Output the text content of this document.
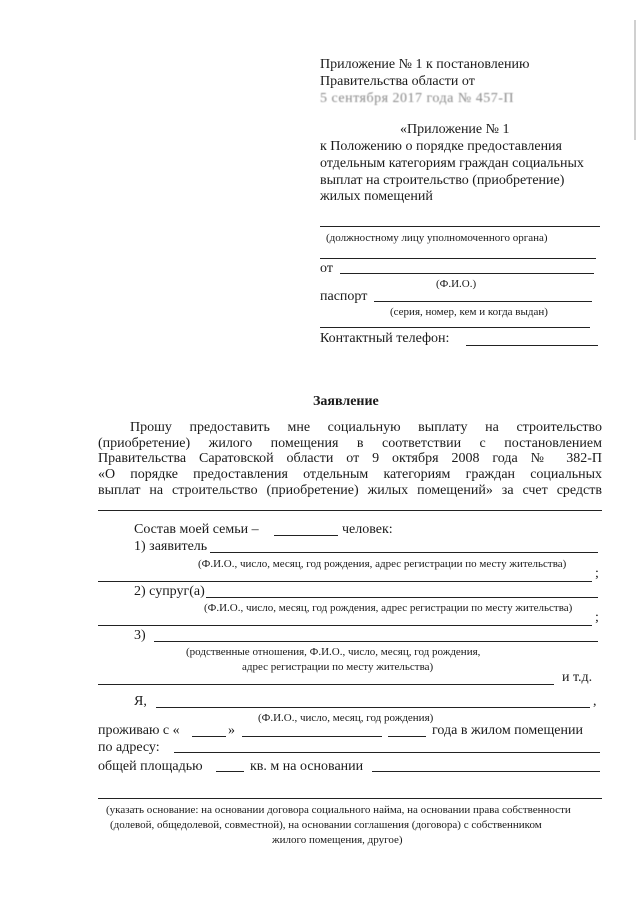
Приложение № 1 к постановлению
Правительства области от
5 сентября 2017 года № 457-П
«Приложение № 1
к Положению о порядке предоставления
отдельным категориям граждан социальных
выплат на строительство (приобретение)
жилых помещений
(должностному лицу уполномоченного органа)
от
(Ф.И.О.)
паспорт
(серия, номер, кем и когда выдан)
Контактный телефон:
Заявление
Прошу предоставить мне социальную выплату на строительство
(приобретение) жилого помещения в соответствии с постановлением
Правительства Саратовской области от 9 октября 2008 года № 382-П
«О порядке предоставления отдельным категориям граждан социальных
выплат на строительство (приобретение) жилых помещений» за счет средств
Состав моей семьи –	человек:
1) заявитель
(Ф.И.О., число, месяц, год рождения, адрес регистрации по месту жительства)
;
2) супруг(а)
(Ф.И.О., число, месяц, год рождения, адрес регистрации по месту жительства)
;
3)
(родственные отношения, Ф.И.О., число, месяц, год рождения,
адрес регистрации по месту жительства)
и т.д.
Я,	,
(Ф.И.О., число, месяц, год рождения)
проживаю с «	»	года в жилом помещении
по адресу:
общей площадью	кв. м на основании
(указать основание: на основании договора социального найма, на основании права собственности
(долевой, общедолевой, совместной), на основании соглашения (договора) с собственником
жилого помещения, другое)
